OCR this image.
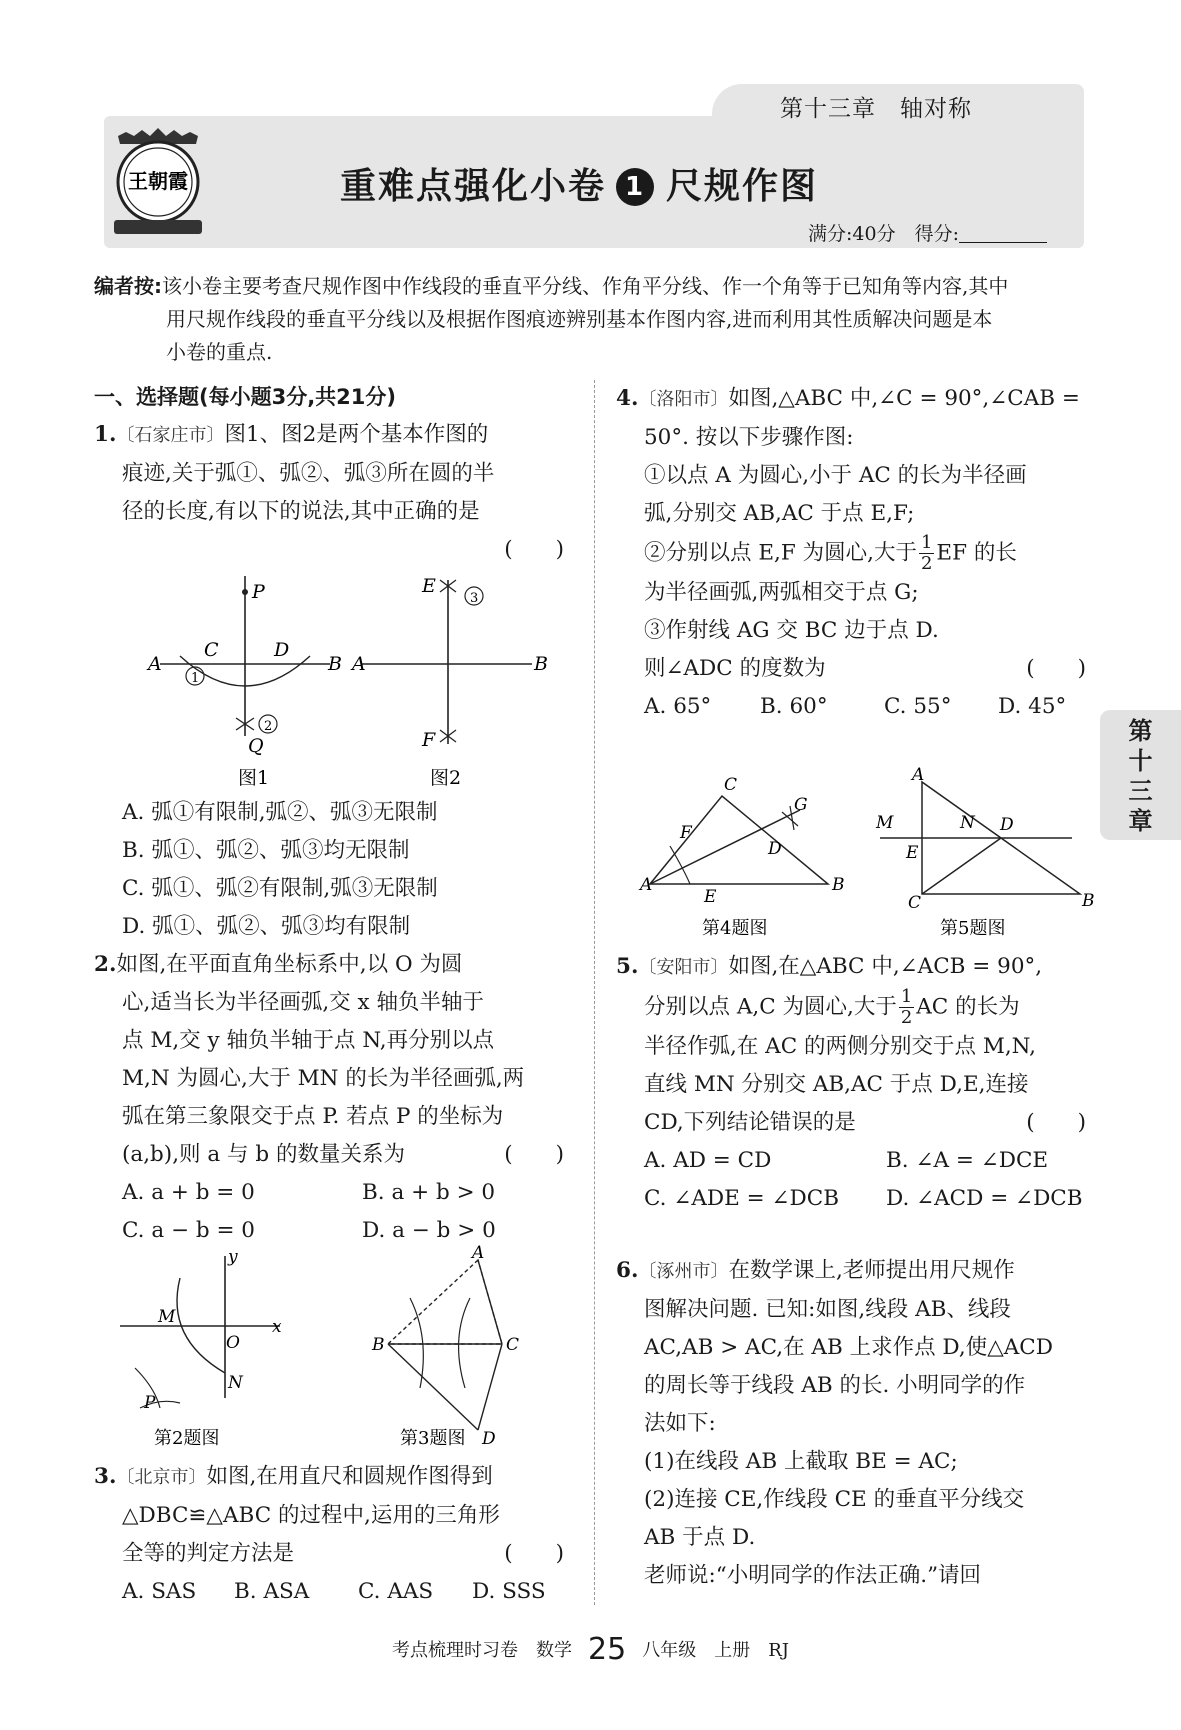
第十三章　轴对称
王朝霞	重难点强化小卷 1 尺规作图
满分:40分　得分:
第
十
三
章
编者按:该小卷主要考查尺规作图中作线段的垂直平分线、作角平分线、作一个角等于已知角等内容,其中
用尺规作线段的垂直平分线以及根据作图痕迹辨别基本作图内容,进而利用其性质解决问题是本
小卷的重点.
一、选择题(每小题3分,共21分)
1.〔石家庄市〕图1、图2是两个基本作图的
痕迹,关于弧①、弧②、弧③所在圆的半
径的长度,有以下的说法,其中正确的是
(　　)
A
C	D
B
P
Q
1
2
图1
A	B
E
F
3
图2
A. 弧①有限制,弧②、弧③无限制
B. 弧①、弧②、弧③均无限制
C. 弧①、弧②有限制,弧③无限制
D. 弧①、弧②、弧③均有限制
2.如图,在平面直角坐标系中,以 O 为圆
心,适当长为半径画弧,交 x 轴负半轴于
点 M,交 y 轴负半轴于点 N,再分别以点
M,N 为圆心,大于 MN 的长为半径画弧,两
弧在第三象限交于点 P. 若点 P 的坐标为
(a,b),则 a 与 b 的数量关系为	(　　)
A. a + b = 0	B. a + b > 0
C. a − b = 0	D. a − b > 0
y
x
M
O
N
P
第2题图
A
B	C
D
第3题图
3.〔北京市〕如图,在用直尺和圆规作图得到
△DBC≌△ABC 的过程中,运用的三角形
全等的判定方法是	(　　)
A. SAS	B. ASA	C. AAS	D. SSS
4.〔洛阳市〕如图,△ABC 中,∠C = 90°,∠CAB =
50°. 按以下步骤作图:
①以点 A 为圆心,小于 AC 的长为半径画
弧,分别交 AB,AC 于点 E,F;
②分别以点 E,F 为圆心,大于 $\frac{1}{2}$ EF 的长
为半径画弧,两弧相交于点 G;
③作射线 AG 交 BC 边于点 D.
则∠ADC 的度数为	(　　)
A. 65°	B. 60°	C. 55°	D. 45°
C
F
G
D
A
E
B
第4题图
A
M	N D
E
C	B
第5题图
5.〔安阳市〕如图,在△ABC 中,∠ACB = 90°,
分别以点 A,C 为圆心,大于 $\frac{1}{2}$ AC 的长为
半径作弧,在 AC 的两侧分别交于点 M,N,
直线 MN 分别交 AB,AC 于点 D,E,连接
CD,下列结论错误的是	(　　)
A. AD = CD	B. ∠A = ∠DCE
C. ∠ADE = ∠DCB	D. ∠ACD = ∠DCB
6.〔涿州市〕在数学课上,老师提出用尺规作
图解决问题. 已知:如图,线段 AB、线段
AC,AB > AC,在 AB 上求作点 D,使△ACD
的周长等于线段 AB 的长. 小明同学的作
法如下:
(1)在线段 AB 上截取 BE = AC;
(2)连接 CE,作线段 CE 的垂直平分线交
AB 于点 D.
老师说:“小明同学的作法正确.”请回
考点梳理时习卷　数学 25 八年级　上册　RJ
